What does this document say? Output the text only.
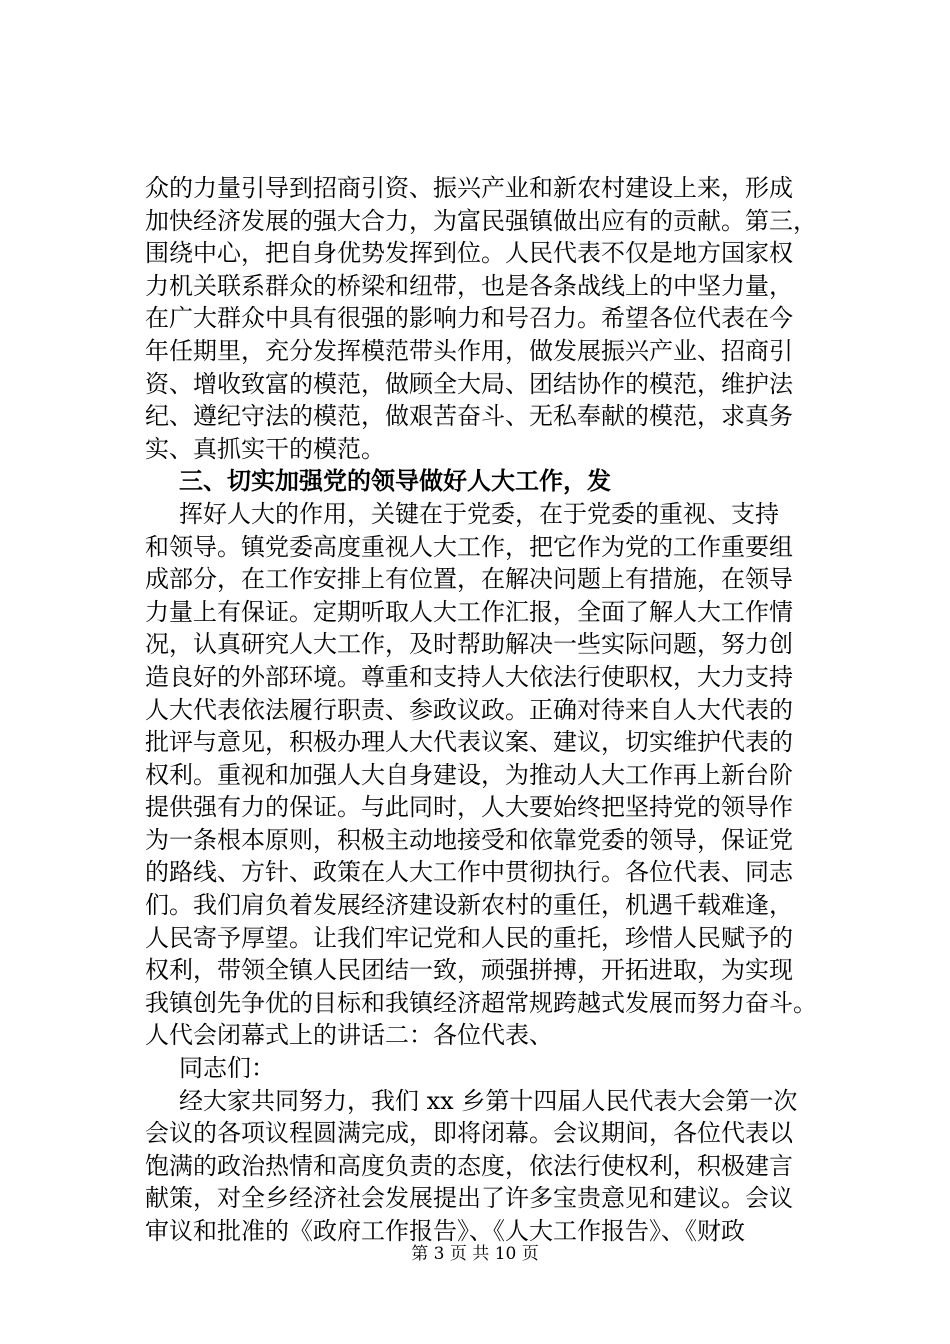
众的力量引导到招商引资、振兴产业和新农村建设上来，形成
加快经济发展的强大合力，为富民强镇做出应有的贡献。第三，
围绕中心，把自身优势发挥到位。人民代表不仅是地方国家权
力机关联系群众的桥梁和纽带，也是各条战线上的中坚力量，
在广大群众中具有很强的影响力和号召力。希望各位代表在今
年任期里，充分发挥模范带头作用，做发展振兴产业、招商引
资、增收致富的模范，做顾全大局、团结协作的模范，维护法
纪、遵纪守法的模范，做艰苦奋斗、无私奉献的模范，求真务
实、真抓实干的模范。
三、切实加强党的领导做好人大工作，发
挥好人大的作用，关键在于党委，在于党委的重视、支持
和领导。镇党委高度重视人大工作，把它作为党的工作重要组
成部分，在工作安排上有位置，在解决问题上有措施，在领导
力量上有保证。定期听取人大工作汇报，全面了解人大工作情
况，认真研究人大工作，及时帮助解决一些实际问题，努力创
造良好的外部环境。尊重和支持人大依法行使职权，大力支持
人大代表依法履行职责、参政议政。正确对待来自人大代表的
批评与意见，积极办理人大代表议案、建议，切实维护代表的
权利。重视和加强人大自身建设，为推动人大工作再上新台阶
提供强有力的保证。与此同时，人大要始终把坚持党的领导作
为一条根本原则，积极主动地接受和依靠党委的领导，保证党
的路线、方针、政策在人大工作中贯彻执行。各位代表、同志
们。我们肩负着发展经济建设新农村的重任，机遇千载难逢，
人民寄予厚望。让我们牢记党和人民的重托，珍惜人民赋予的
权利，带领全镇人民团结一致，顽强拼搏，开拓进取，为实现
我镇创先争优的目标和我镇经济超常规跨越式发展而努力奋斗。
人代会闭幕式上的讲话二：各位代表、
同志们：
经大家共同努力，我们 xx 乡第十四届人民代表大会第一次
会议的各项议程圆满完成，即将闭幕。会议期间，各位代表以
饱满的政治热情和高度负责的态度，依法行使权利，积极建言
献策，对全乡经济社会发展提出了许多宝贵意见和建议。会议
审议和批准的《政府工作报告》、《人大工作报告》、《财政
第 3 页 共 10 页
